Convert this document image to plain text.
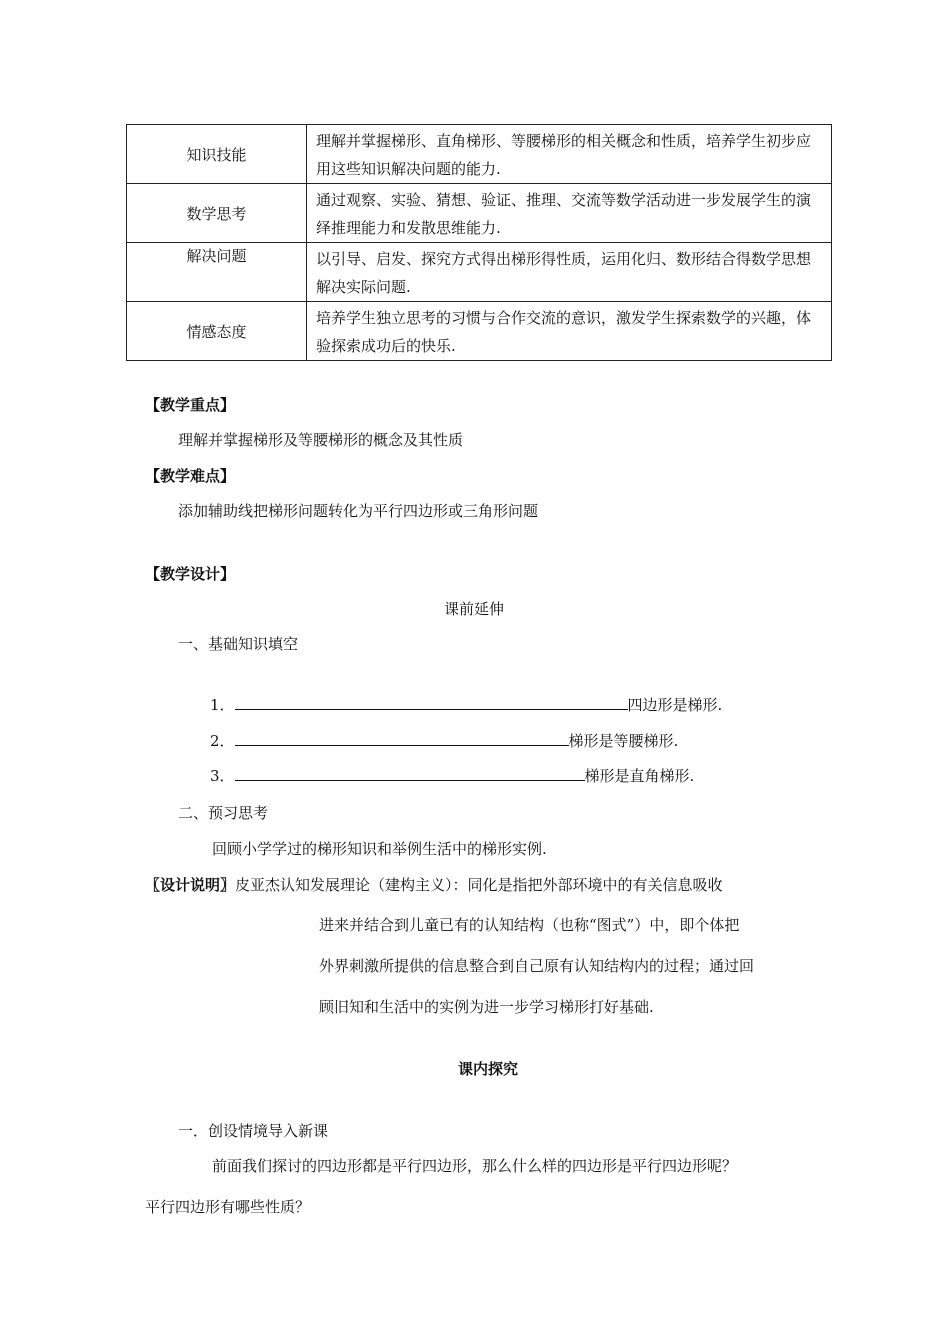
知识技能	理解并掌握梯形、直角梯形、等腰梯形的相关概念和性质，培养学生初步应用这些知识解决问题的能力.
数学思考	通过观察、实验、猜想、验证、推理、交流等数学活动进一步发展学生的演绎推理能力和发散思维能力.
解决问题	以引导、启发、探究方式得出梯形得性质，运用化归、数形结合得数学思想解决实际问题.
情感态度	培养学生独立思考的习惯与合作交流的意识，激发学生探索数学的兴趣，体验探索成功后的快乐.
【教学重点】
理解并掌握梯形及等腰梯形的概念及其性质
【教学难点】
添加辅助线把梯形问题转化为平行四边形或三角形问题
【教学设计】
课前延伸
一、基础知识填空
1．	四边形是梯形.
2．	梯形是等腰梯形.
3．	梯形是直角梯形.
二、预习思考
回顾小学学过的梯形知识和举例生活中的梯形实例.
〖设计说明〗皮亚杰认知发展理论（建构主义）：同化是指把外部环境中的有关信息吸收
进来并结合到儿童已有的认知结构（也称“图式”）中，即个体把
外界刺激所提供的信息整合到自己原有认知结构内的过程；通过回
顾旧知和生活中的实例为进一步学习梯形打好基础.
课内探究
一．创设情境导入新课
前面我们探讨的四边形都是平行四边形，那么什么样的四边形是平行四边形呢？
平行四边形有哪些性质？
